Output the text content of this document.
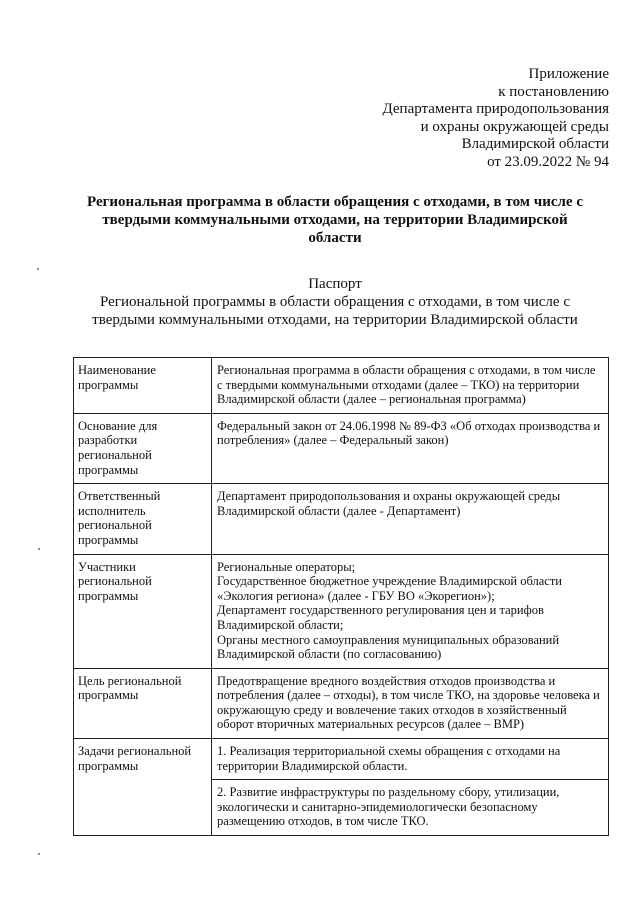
Приложение
к постановлению
Департамента природопользования
и охраны окружающей среды
Владимирской области
от 23.09.2022 № 94
Региональная программа в области обращения с отходами, в том числе с твердыми коммунальными отходами, на территории Владимирской области
Паспорт
Региональной программы в области обращения с отходами, в том числе с твердыми коммунальными отходами, на территории Владимирской области
Наименование программы	Региональная программа в области обращения с отходами, в том числе с твердыми коммунальными отходами (далее – ТКО) на территории Владимирской области (далее – региональная программа)

Основание для разработки региональной программы	Федеральный закон от 24.06.1998 № 89-ФЗ «Об отходах производства и потребления» (далее – Федеральный закон)

Ответственный исполнитель региональной программы	Департамент природопользования и охраны окружающей среды Владимирской области (далее - Департамент)

Участники региональной программы	Региональные операторы;
Государственное бюджетное учреждение Владимирской области «Экология региона» (далее - ГБУ ВО «Экорегион»);
Департамент государственного регулирования цен и тарифов Владимирской области;
Органы местного самоуправления муниципальных образований Владимирской области (по согласованию)

Цель региональной программы	Предотвращение вредного воздействия отходов производства и потребления (далее – отходы), в том числе ТКО, на здоровье человека и окружающую среду и вовлечение таких отходов в хозяйственный оборот вторичных материальных ресурсов (далее – ВМР)

Задачи региональной программы	1. Реализация территориальной схемы обращения с отходами на территории Владимирской области.
	2. Развитие инфраструктуры по раздельному сбору, утилизации, экологически и санитарно-эпидемиологически безопасному размещению отходов, в том числе ТКО.
